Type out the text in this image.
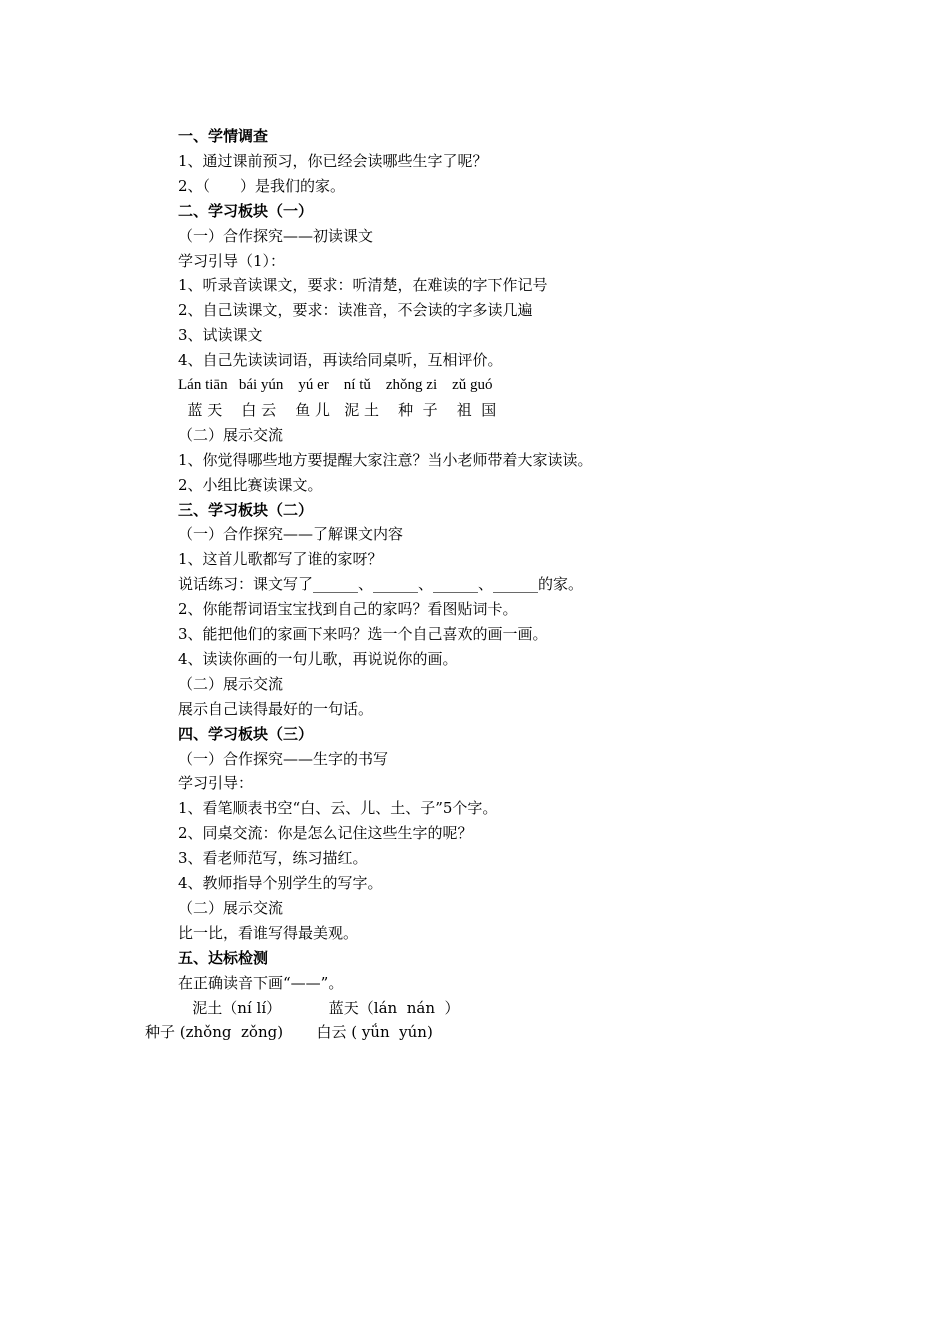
一、学情调查
1、通过课前预习，你已经会读哪些生字了呢？
2、（　　）是我们的家。
二、学习板块（一）
（一）合作探究——初读课文
学习引导（1）：
1、听录音读课文，要求：听清楚，在难读的字下作记号
2、自己读课文，要求：读准音，不会读的字多读几遍
3、试读课文
4、自己先读读词语，再读给同桌听，互相评价。
Lán tiān   bái yún    yú er    ní tǔ    zhǒng zi    zǔ guó
蓝 天    白 云    鱼 儿   泥 土    种  子    祖  国
（二）展示交流
1、你觉得哪些地方要提醒大家注意？当小老师带着大家读读。
2、小组比赛读课文。
三、学习板块（二）
（一）合作探究——了解课文内容
1、这首儿歌都写了谁的家呀？
说话练习：课文写了______、______、______、______的家。
2、你能帮词语宝宝找到自己的家吗？看图贴词卡。
3、能把他们的家画下来吗？选一个自己喜欢的画一画。
4、读读你画的一句儿歌，再说说你的画。
（二）展示交流
展示自己读得最好的一句话。
四、学习板块（三）
（一）合作探究——生字的书写
学习引导：
1、看笔顺表书空“白、云、儿、土、子”5个字。
2、同桌交流：你是怎么记住这些生字的呢？
3、看老师范写，练习描红。
4、教师指导个别学生的写字。
（二）展示交流
比一比，看谁写得最美观。
五、达标检测
在正确读音下画“——”。
泥土（ní lí）          蓝天（lán  nán  ）
种子 (zhǒng  zǒng)       白云 ( yǘn  yún)
